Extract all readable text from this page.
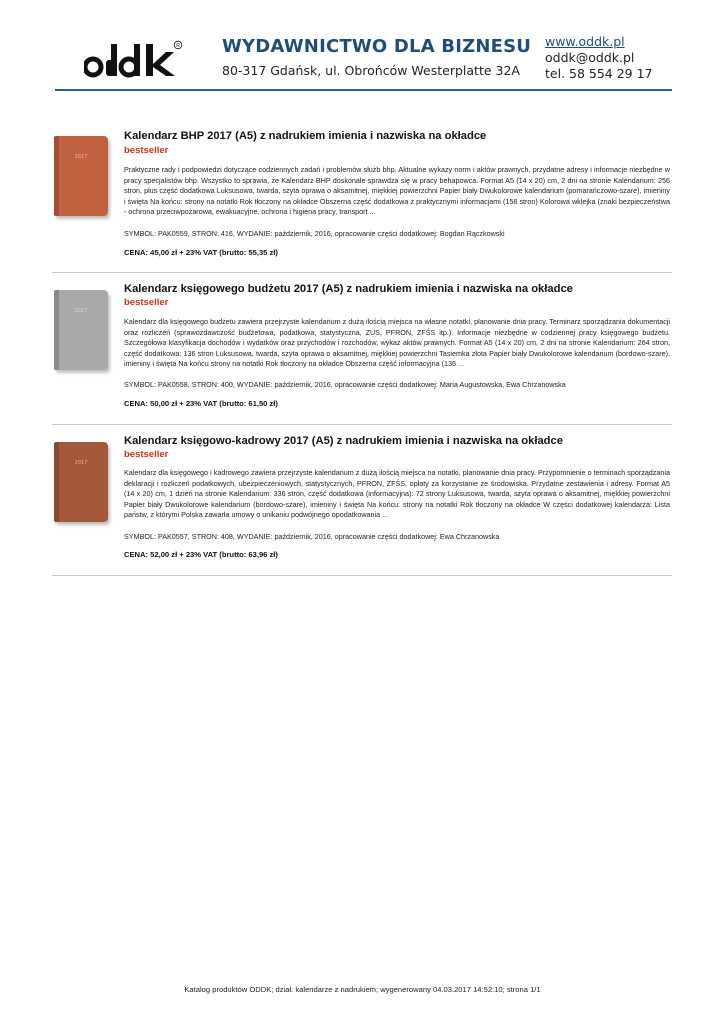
R WYDAWNICTWO DLA BIZNESU
80-317 Gdańsk, ul. Obrońców Westerplatte 32A
www.oddk.pl
oddk@oddk.pl
tel. 58 554 29 17
2017
Kalendarz BHP 2017 (A5) z nadrukiem imienia i nazwiska na okładce
bestseller
Praktyczne rady i podpowiedzi dotyczące codziennych zadań i problemów służb bhp. Aktualne wykazy norm i aktów prawnych, przydatne adresy i informacje niezbędne w pracy specjalistów bhp. Wszystko to sprawia, że Kalendarz BHP doskonale sprawdza się w pracy behapowca. Format A5 (14 x 20) cm, 2 dni na stronie Kalendarium: 256 stron, plus część dodatkowa Luksusowa, twarda, szyta oprawa o aksamitnej, miękkiej powierzchni Papier biały Dwukolorowe kalendarium (pomarańczowo-szare), imieniny i święta Na końcu: strony na notatki Rok tłoczony na okładce Obszerna część dodatkowa z praktycznymi informacjami (158 stron) Kolorowa wklejka (znaki bezpieczeństwa - ochrona przeciwpożarowa, ewakuacyjne, ochrona i higiena pracy, transport ...
SYMBOL: PAK0559, STRON: 416, WYDANIE: październik, 2016, opracowanie części dodatkowej: Bogdan Rączkowski
CENA: 45,00 zł + 23% VAT (brutto: 55,35 zł)
2017
Kalendarz księgowego budżetu 2017 (A5) z nadrukiem imienia i nazwiska na okładce
bestseller
Kalendarz dla księgowego budżetu zawiera przejrzyste kalendarium z dużą ilością miejsca na własne notatki, planowanie dnia pracy. Terminarz sporządzania dokumentacji oraz rozliczeń (sprawozdawczość budżetowa, podatkowa, statystyczna, ZUS, PFRON, ZFŚS itp.). Informacje niezbędne w codziennej pracy księgowego budżetu. Szczegółowa klasyfikacja dochodów i wydatków oraz przychodów i rozchodów, wykaz aktów prawnych. Format A5 (14 x 20) cm, 2 dni na stronie Kalendarium: 264 stron, część dodatkowa: 136 stron Luksusowa, twarda, szyta oprawa o aksamitnej, miękkiej powierzchni Tasiemka złota Papier biały Dwukolorowe kalendarium (bordowo-szare), imieniny i święta Na końcu strony na notatki Rok tłoczony na okładce Obszerna część informacyjna (136 ...
SYMBOL: PAK0558, STRON: 400, WYDANIE: październik, 2016, opracowanie części dodatkowej: Maria Augustowska, Ewa Chrzanowska
CENA: 50,00 zł + 23% VAT (brutto: 61,50 zł)
2017
Kalendarz księgowo-kadrowy 2017 (A5) z nadrukiem imienia i nazwiska na okładce
bestseller
Kalendarz dla księgowego i kadrowego zawiera przejrzyste kalendarium z dużą ilością miejsca na notatki, planowanie dnia pracy. Przypomnienie o terminach sporządzania deklaracji i rozliczeń podatkowych, ubezpieczeniowych, statystycznych, PFRON, ZFŚS, opłaty za korzystanie ze środowiska. Przydatne zestawienia i adresy. Format A5 (14 x 20) cm, 1 dzień na stronie Kalendarium: 336 stron, część dodatkowa (informacyjna): 72 strony Luksusowa, twarda, szyta oprawa o aksamitnej, miękkiej powierzchni Papier biały Dwukolorowe kalendarium (bordowo-szare), imieniny i święta Na końcu: strony na notatki Rok tłoczony na okładce W części dodatkowej kalendarza: Lista państw, z którymi Polska zawarła umowy o unikaniu podwójnego opodatkowania ...
SYMBOL: PAK0557, STRON: 408, WYDANIE: październik, 2016, opracowanie części dodatkowej: Ewa Chrzanowska
CENA: 52,00 zł + 23% VAT (brutto: 63,96 zł)
Katalog produktów ODDK; dział: kalendarze z nadrukiem; wygenerowany 04.03.2017 14:52:10; strona 1/1
